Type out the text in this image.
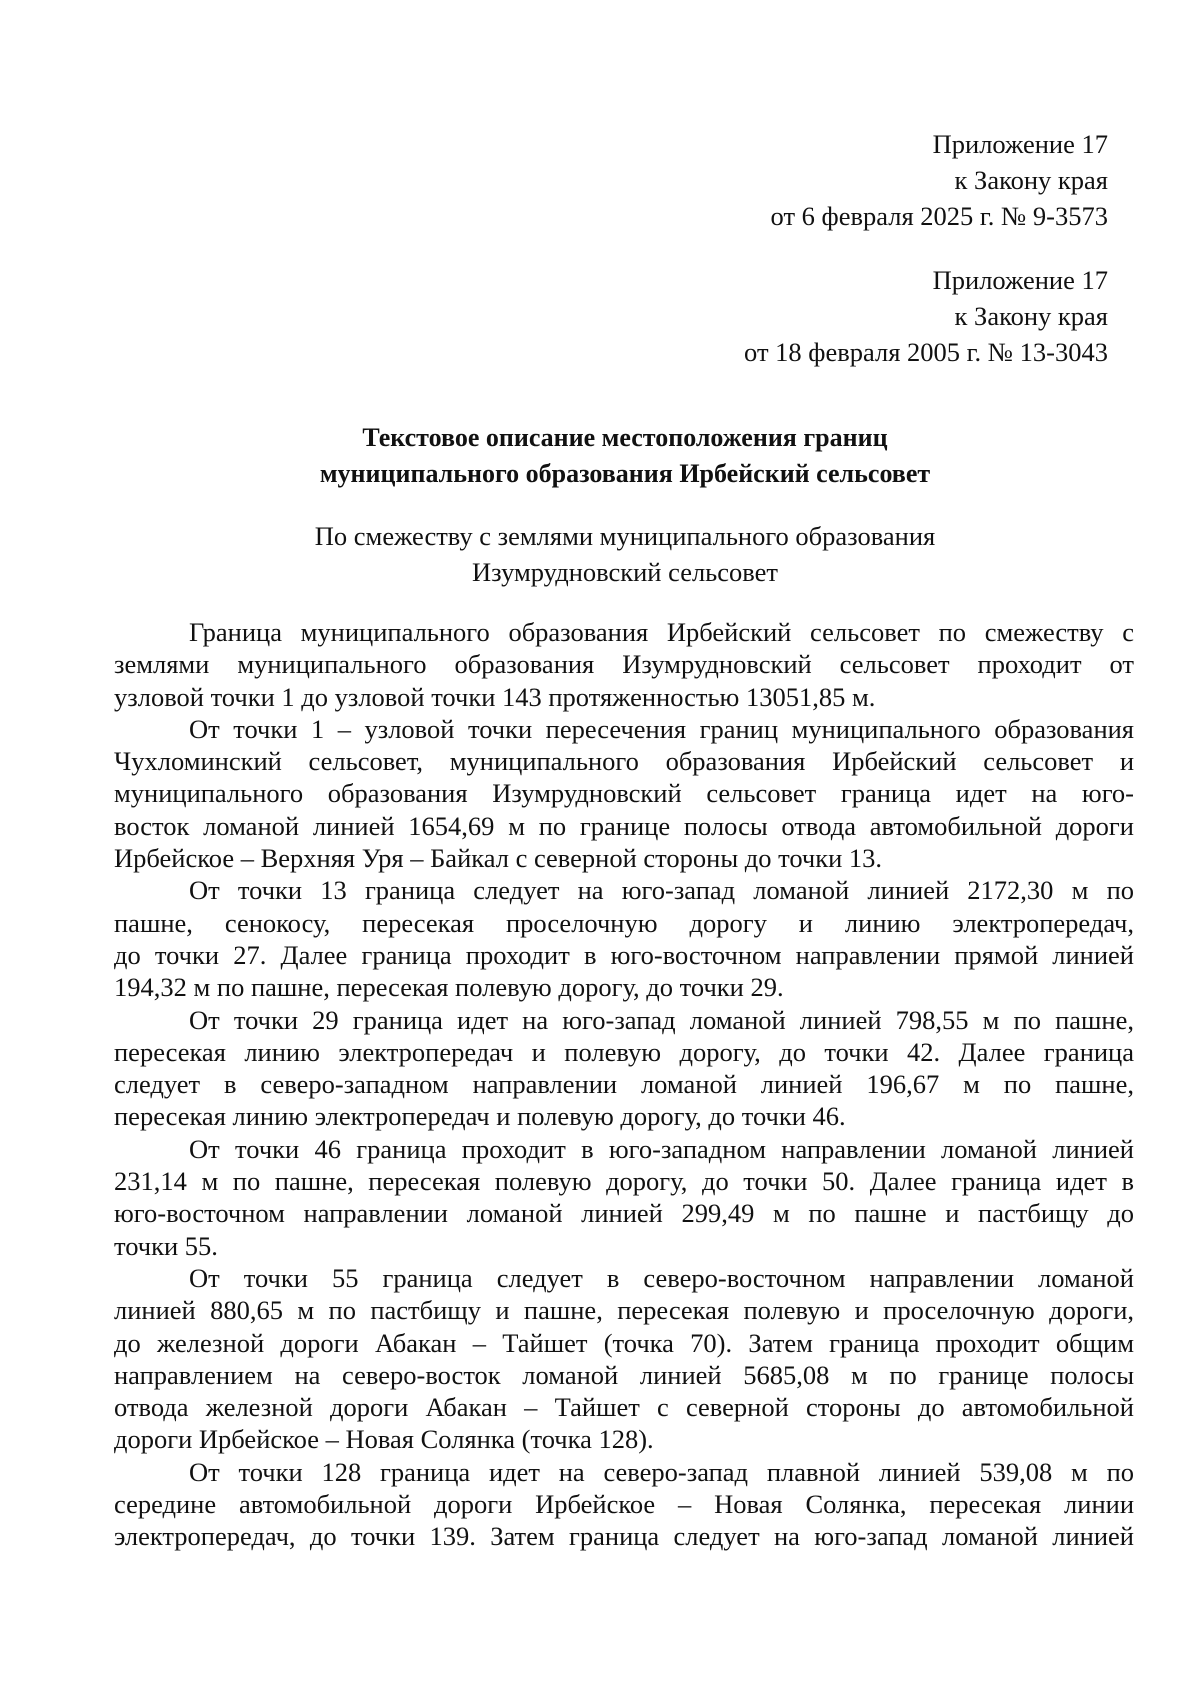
Приложение 17
к Закону края
от 6 февраля 2025 г. № 9-3573
Приложение 17
к Закону края
от 18 февраля 2005 г. № 13-3043
Текстовое описание местоположения границ
муниципального образования Ирбейский сельсовет
По смежеству с землями муниципального образования
Изумрудновский сельсовет
Граница муниципального образования Ирбейский сельсовет по смежеству с
землями муниципального образования Изумрудновский сельсовет проходит от
узловой точки 1 до узловой точки 143 протяженностью 13051,85 м.
От точки 1 – узловой точки пересечения границ муниципального образования
Чухломинский сельсовет, муниципального образования Ирбейский сельсовет и
муниципального образования Изумрудновский сельсовет граница идет на юго-
восток ломаной линией 1654,69 м по границе полосы отвода автомобильной дороги
Ирбейское – Верхняя Уря – Байкал с северной стороны до точки 13.
От точки 13 граница следует на юго-запад ломаной линией 2172,30 м по
пашне, сенокосу, пересекая проселочную дорогу и линию электропередач,
до точки 27. Далее граница проходит в юго-восточном направлении прямой линией
194,32 м по пашне, пересекая полевую дорогу, до точки 29.
От точки 29 граница идет на юго-запад ломаной линией 798,55 м по пашне,
пересекая линию электропередач и полевую дорогу, до точки 42. Далее граница
следует в северо-западном направлении ломаной линией 196,67 м по пашне,
пересекая линию электропередач и полевую дорогу, до точки 46.
От точки 46 граница проходит в юго-западном направлении ломаной линией
231,14 м по пашне, пересекая полевую дорогу, до точки 50. Далее граница идет в
юго-восточном направлении ломаной линией 299,49 м по пашне и пастбищу до
точки 55.
От точки 55 граница следует в северо-восточном направлении ломаной
линией 880,65 м по пастбищу и пашне, пересекая полевую и проселочную дороги,
до железной дороги Абакан – Тайшет (точка 70). Затем граница проходит общим
направлением на северо-восток ломаной линией 5685,08 м по границе полосы
отвода железной дороги Абакан – Тайшет с северной стороны до автомобильной
дороги Ирбейское – Новая Солянка (точка 128).
От точки 128 граница идет на северо-запад плавной линией 539,08 м по
середине автомобильной дороги Ирбейское – Новая Солянка, пересекая линии
электропередач, до точки 139. Затем граница следует на юго-запад ломаной линией
